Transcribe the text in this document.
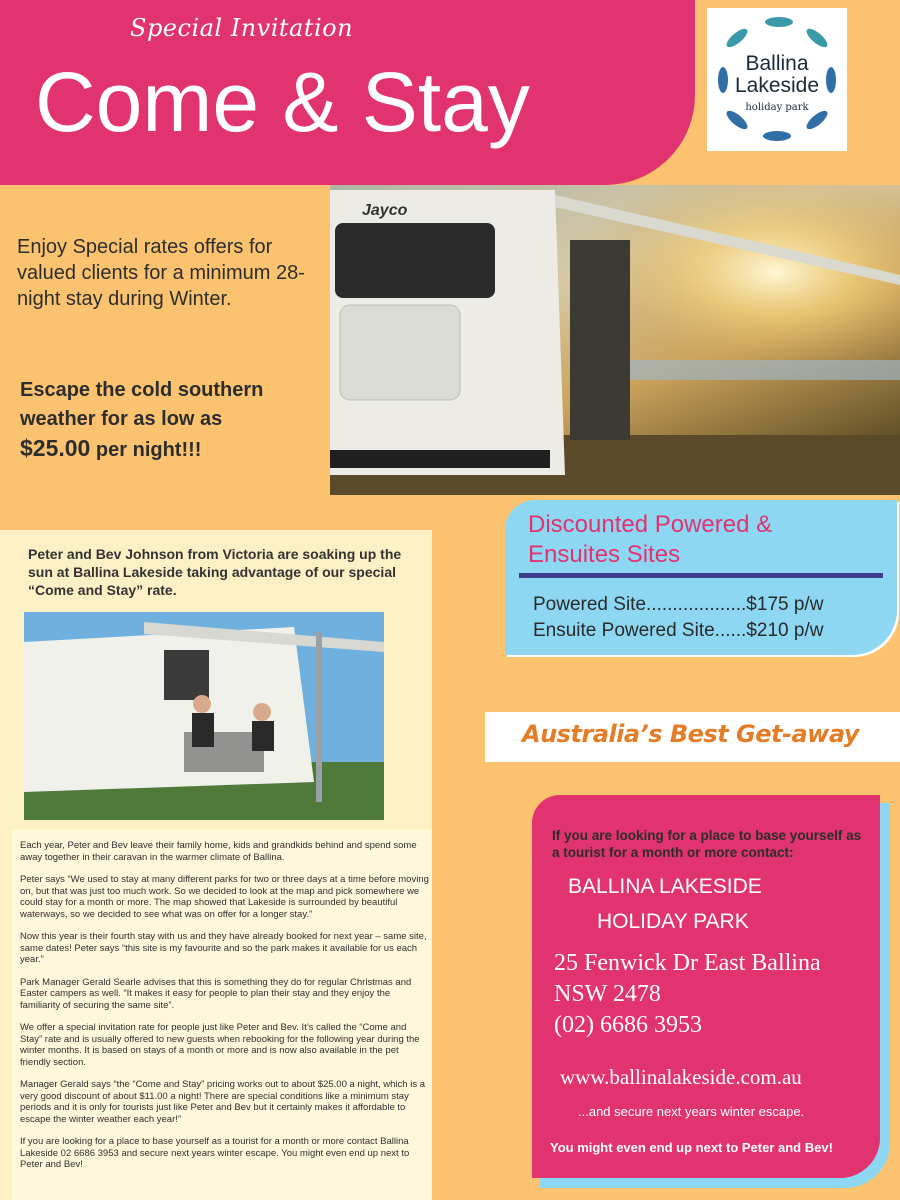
Special Invitation
Come & Stay	Ballina
Lakeside
holiday park
Enjoy Special rates offers for valued clients for a minimum 28-night stay during Winter.
Escape the cold southern
weather for as low as
$25.00 per night!!!
Jayco
Peter and Bev Johnson from Victoria are soaking up the sun at Ballina Lakeside taking advantage of our special “Come and Stay” rate.

Each year, Peter and Bev leave their family home, kids and grandkids behind and spend some away together in their caravan in the warmer climate of Ballina.

Peter says “We used to stay at many different parks for two or three days at a time before moving on, but that was just too much work. So we decided to look at the map and pick somewhere we could stay for a month or more. The map showed that Lakeside is surrounded by beautiful waterways, so we decided to see what was on offer for a longer stay.”

Now this year is their fourth stay with us and they have already booked for next year – same site, same dates! Peter says “this site is my favourite and so the park makes it available for us each year.”

Park Manager Gerald Searle advises that this is something they do for regular Christmas and Easter campers as well. “It makes it easy for people to plan their stay and they enjoy the familiarity of securing the same site”.

We offer a special invitation rate for people just like Peter and Bev. It’s called the “Come and Stay” rate and is usually offered to new guests when rebooking for the following year during the winter months. It is based on stays of a month or more and is now also available in the pet friendly section.

Manager Gerald says “the “Come and Stay” pricing works out to about $25.00 a night, which is a very good discount of about $11.00 a night! There are special conditions like a minimum stay periods and it is only for tourists just like Peter and Bev but it certainly makes it affordable to escape the winter weather each year!”

If you are looking for a place to base yourself as a tourist for a month or more contact Ballina Lakeside 02 6686 3953 and secure next years winter escape. You might even end up next to Peter and Bev!

Discounted Powered &
Ensuites Sites
Powered Site...................$175 p/w
Ensuite Powered Site......$210 p/w
Australia’s Best Get-away
If you are looking for a place to base yourself as a tourist for a month or more contact:
BALLINA LAKESIDE
HOLIDAY PARK
25 Fenwick Dr East Ballina
NSW 2478
(02) 6686 3953
www.ballinalakeside.com.au
...and secure next years winter escape.
You might even end up next to Peter and Bev!
